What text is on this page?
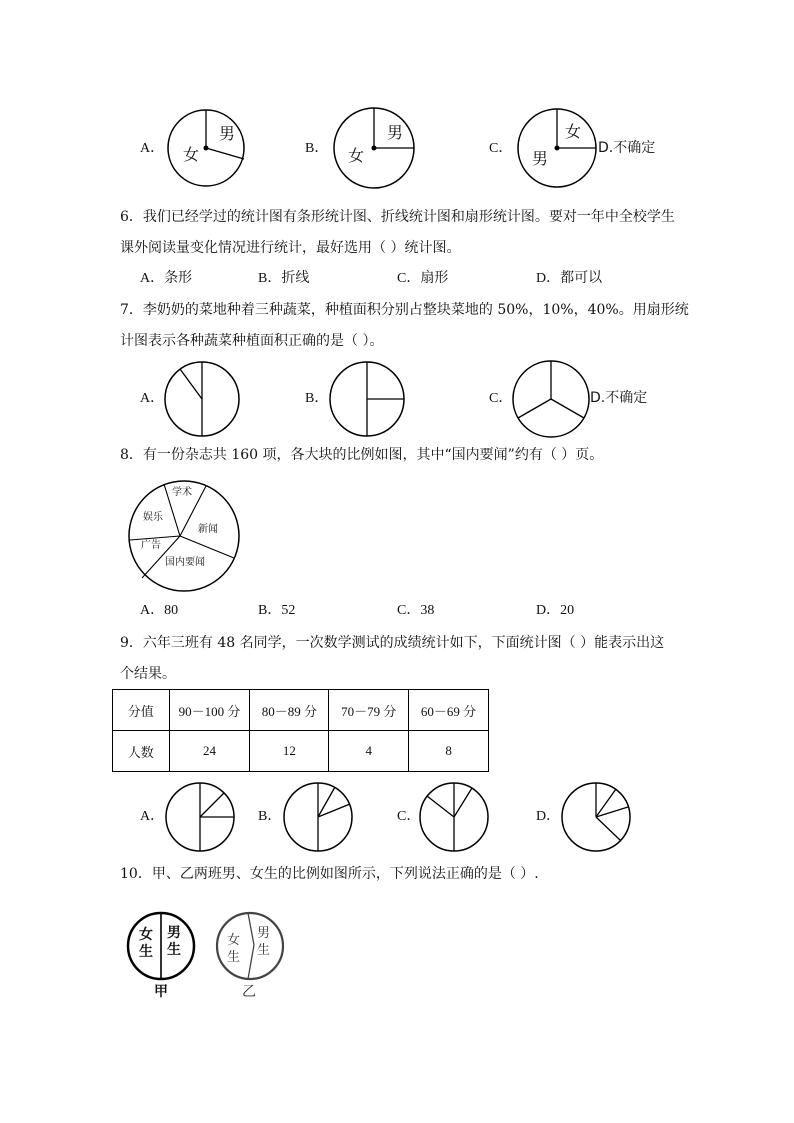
A．
男
女	B．
男
女	C．
女
男
D.不确定
6．我们已经学过的统计图有条形统计图、折线统计图和扇形统计图。要对一年中全校学生
课外阅读量变化情况进行统计，最好选用（ ）统计图。
A．条形	B．折线	C．扇形	D．都可以
7．李奶奶的菜地种着三种蔬菜，种植面积分别占整块菜地的 50%，10%，40%。用扇形统
计图表示各种蔬菜种植面积正确的是（ ）。
A．	B．	C．	D.不确定
8．有一份杂志共 160 项，各大块的比例如图，其中“国内要闻”约有（ ）页。
学术
新闻
国内要闻
广告
娱乐
A．80	B．52	C．38	D．20
9．六年三班有 48 名同学，一次数学测试的成绩统计如下，下面统计图（ ）能表示出这
个结果。
分值	90－100 分	80－89 分	70－79 分	60－69 分
人数	24	12	4	8
A．	B．	C．	D．
10．甲、乙两班男、女生的比例如图所示，下列说法正确的是（ ）.
女生
男生
甲
女生
男生
乙
